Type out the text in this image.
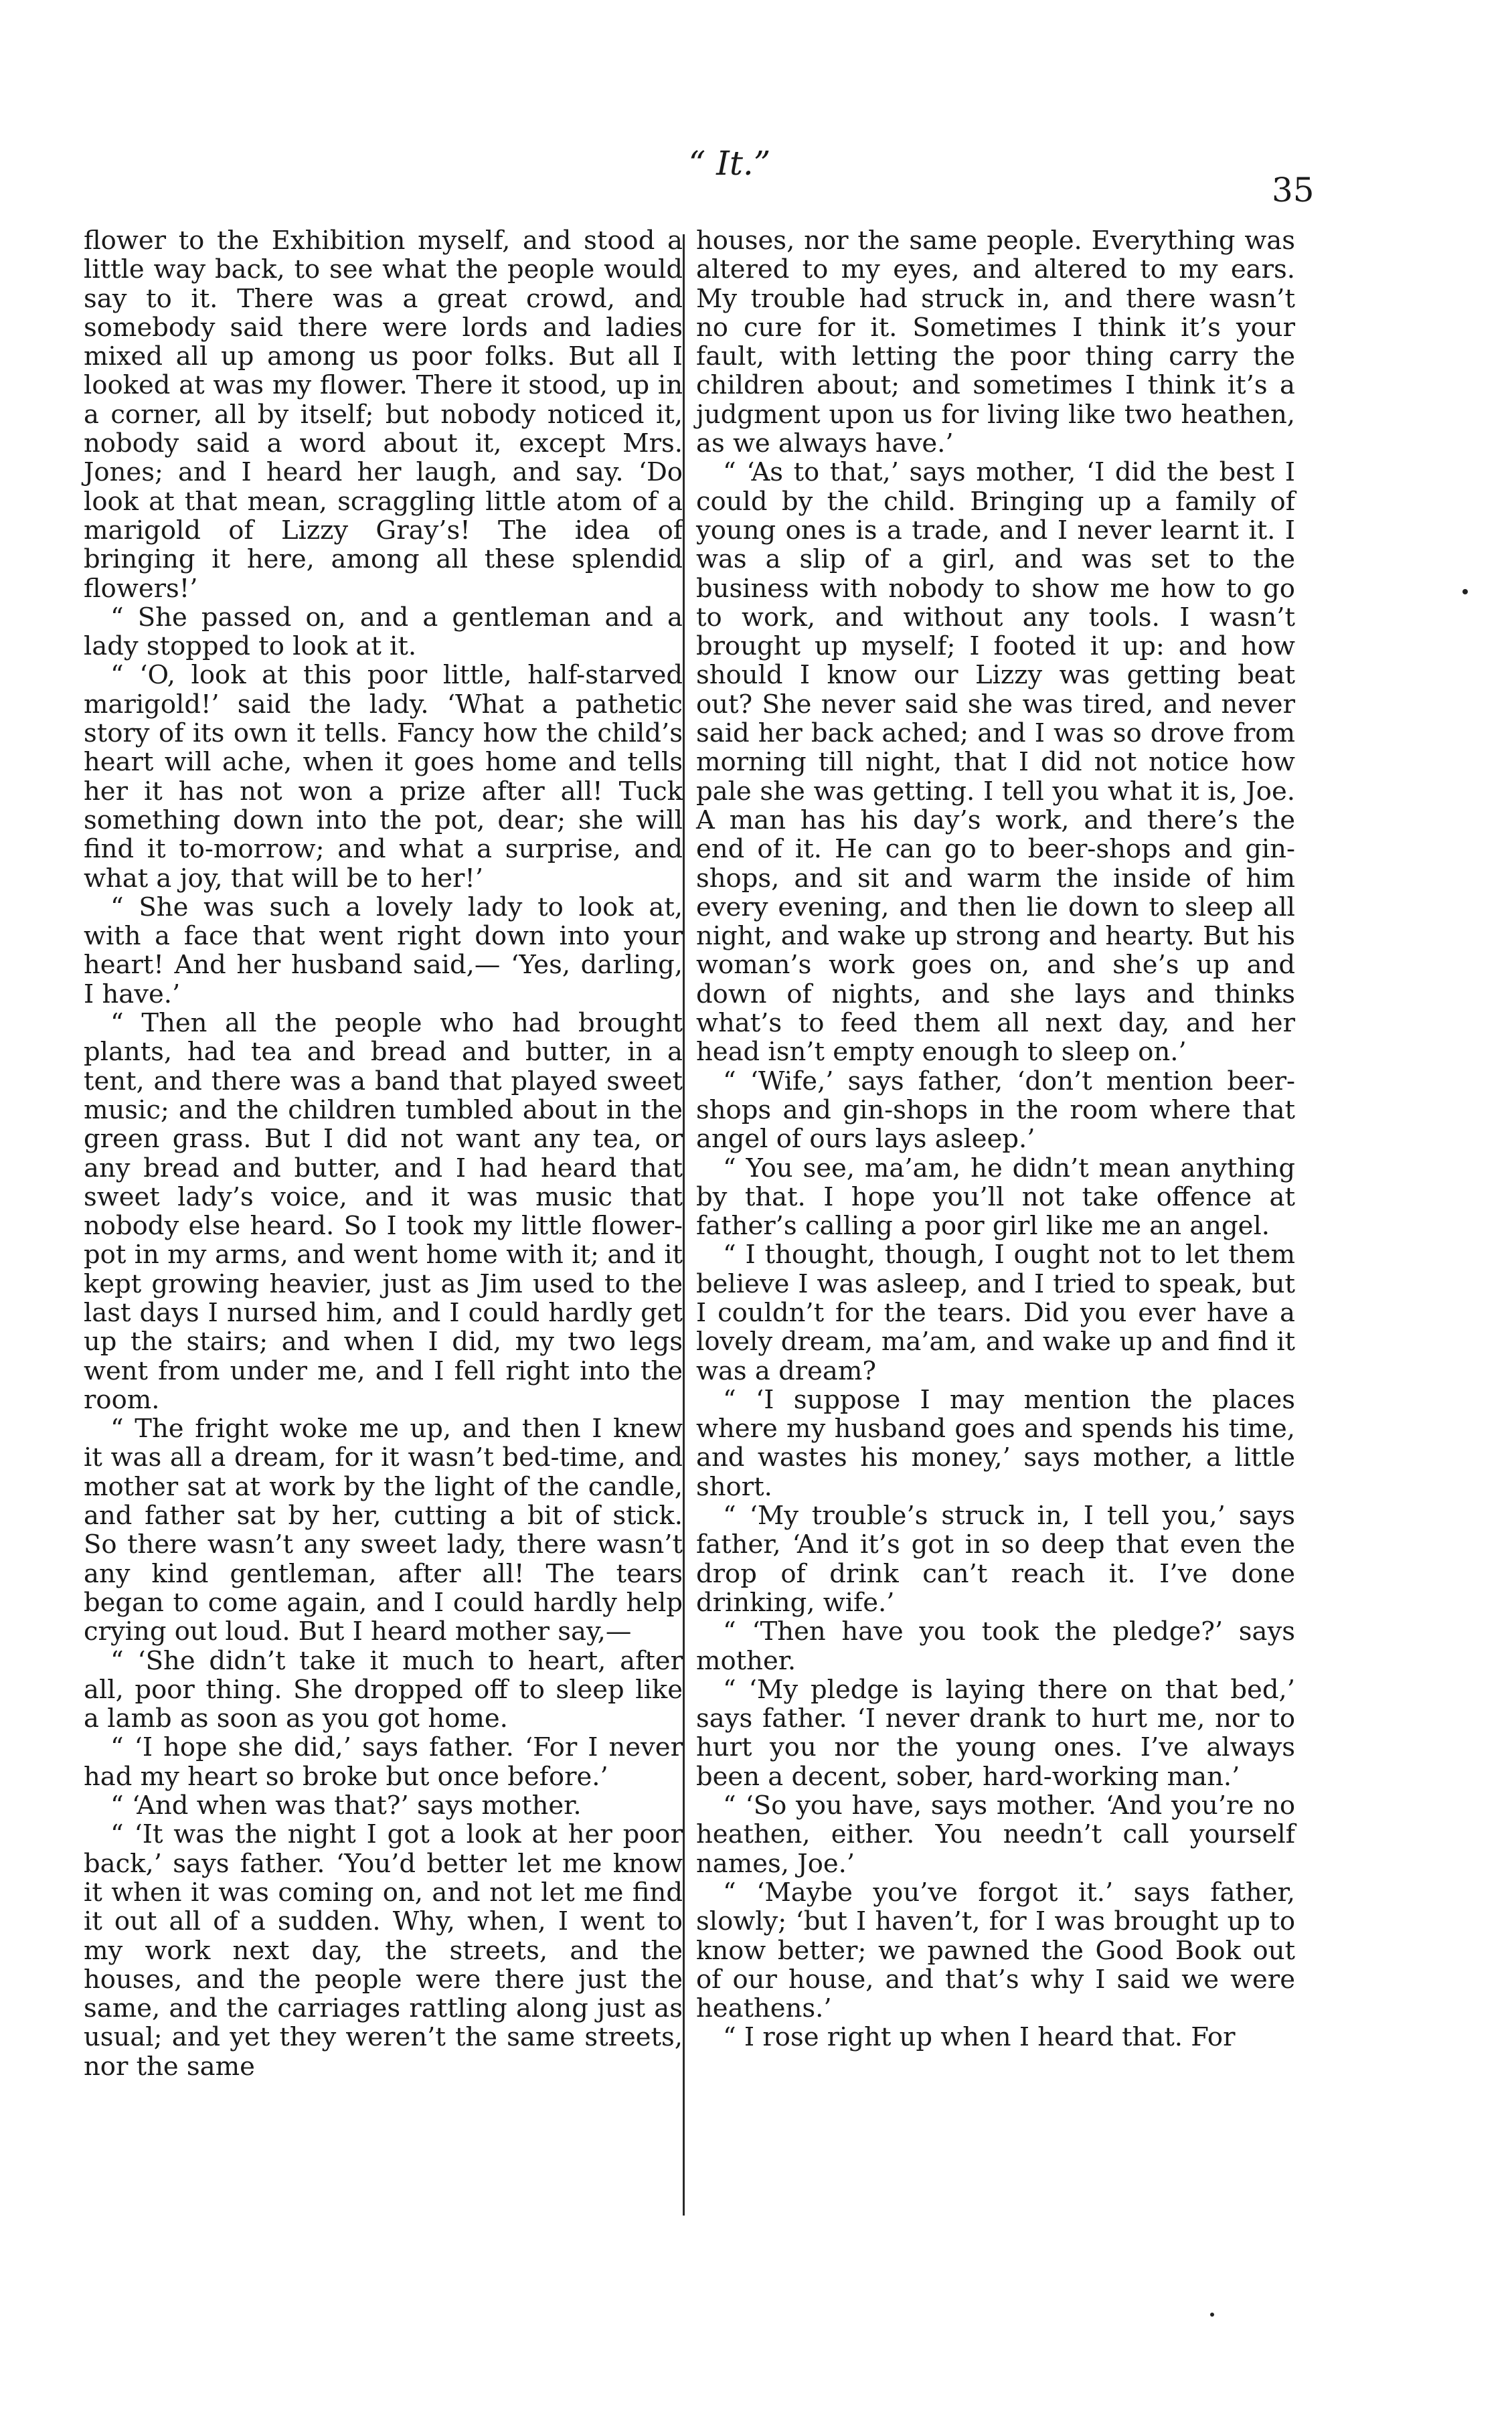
“ It.”
35

flower to the Exhibition myself, and stood a little way back, to see what the people would say to it. There was a great crowd, and somebody said there were lords and ladies mixed all up among us poor folks. But all I looked at was my flower. There it stood, up in a corner, all by itself; but nobody noticed it, nobody said a word about it, except Mrs. Jones; and I heard her laugh, and say. ‘Do look at that mean, scraggling little atom of a marigold of Lizzy Gray’s! The idea of bringing it here, among all these splendid flowers!’

“ She passed on, and a gentleman and a lady stopped to look at it.

“ ‘O, look at this poor little, half-starved marigold!’ said the lady. ‘What a pathetic story of its own it tells. Fancy how the child’s heart will ache, when it goes home and tells her it has not won a prize after all! Tuck something down into the pot, dear; she will find it to-morrow; and what a surprise, and what a joy, that will be to her!’

“ She was such a lovely lady to look at, with a face that went right down into your heart! And her husband said,— ‘Yes, darling, I have.’

“ Then all the people who had brought plants, had tea and bread and butter, in a tent, and there was a band that played sweet music; and the children tumbled about in the green grass. But I did not want any tea, or any bread and butter, and I had heard that sweet lady’s voice, and it was music that nobody else heard. So I took my little flower-pot in my arms, and went home with it; and it kept growing heavier, just as Jim used to the last days I nursed him, and I could hardly get up the stairs; and when I did, my two legs went from under me, and I fell right into the room.

“ The fright woke me up, and then I knew it was all a dream, for it wasn’t bed-time, and mother sat at work by the light of the candle, and father sat by her, cutting a bit of stick. So there wasn’t any sweet lady, there wasn’t any kind gentleman, after all! The tears began to come again, and I could hardly help crying out loud. But I heard mother say,—

“ ‘She didn’t take it much to heart, after all, poor thing. She dropped off to sleep like a lamb as soon as you got home.

“ ‘I hope she did,’ says father. ‘For I never had my heart so broke but once before.’

“ ‘And when was that?’ says mother.

“ ‘It was the night I got a look at her poor back,’ says father. ‘You’d better let me know it when it was coming on, and not let me find it out all of a sudden. Why, when, I went to my work next day, the streets, and the houses, and the people were there just the same, and the carriages rattling along just as usual; and yet they weren’t the same streets, nor the same

houses, nor the same people. Everything was altered to my eyes, and altered to my ears. My trouble had struck in, and there wasn’t no cure for it. Sometimes I think it’s your fault, with letting the poor thing carry the children about; and sometimes I think it’s a judgment upon us for living like two heathen, as we always have.’

“ ‘As to that,’ says mother, ‘I did the best I could by the child. Bringing up a family of young ones is a trade, and I never learnt it. I was a slip of a girl, and was set to the business with nobody to show me how to go to work, and without any tools. I wasn’t brought up myself; I footed it up: and how should I know our Lizzy was getting beat out? She never said she was tired, and never said her back ached; and I was so drove from morning till night, that I did not notice how pale she was getting. I tell you what it is, Joe. A man has his day’s work, and there’s the end of it. He can go to beer-shops and gin-shops, and sit and warm the inside of him every evening, and then lie down to sleep all night, and wake up strong and hearty. But his woman’s work goes on, and she’s up and down of nights, and she lays and thinks what’s to feed them all next day, and her head isn’t empty enough to sleep on.’

“ ‘Wife,’ says father, ‘don’t mention beer-shops and gin-shops in the room where that angel of ours lays asleep.’

“ You see, ma’am, he didn’t mean anything by that. I hope you’ll not take offence at father’s calling a poor girl like me an angel.

“ I thought, though, I ought not to let them believe I was asleep, and I tried to speak, but I couldn’t for the tears. Did you ever have a lovely dream, ma’am, and wake up and find it was a dream?

“ ‘I suppose I may mention the places where my husband goes and spends his time, and wastes his money,’ says mother, a little short.

“ ‘My trouble’s struck in, I tell you,’ says father, ‘And it’s got in so deep that even the drop of drink can’t reach it. I’ve done drinking, wife.’

“ ‘Then have you took the pledge?’ says mother.

“ ‘My pledge is laying there on that bed,’ says father. ‘I never drank to hurt me, nor to hurt you nor the young ones. I’ve always been a decent, sober, hard-working man.’

“ ‘So you have, says mother. ‘And you’re no heathen, either. You needn’t call yourself names, Joe.’

“ ‘Maybe you’ve forgot it.’ says father, slowly; ‘but I haven’t, for I was brought up to know better; we pawned the Good Book out of our house, and that’s why I said we were heathens.’

“ I rose right up when I heard that. For
